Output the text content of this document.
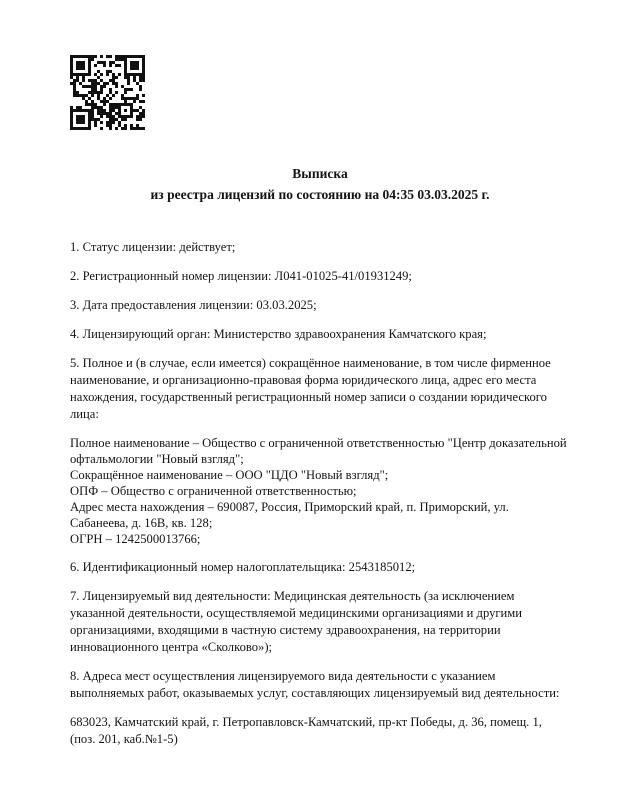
Выписка
из реестра лицензий по состоянию на 04:35 03.03.2025 г.

1. Статус лицензии: действует;

2. Регистрационный номер лицензии: Л041-01025-41/01931249;

3. Дата предоставления лицензии: 03.03.2025;

4. Лицензирующий орган: Министерство здравоохранения Камчатского края;

5. Полное и (в случае, если имеется) сокращённое наименование, в том числе фирменное наименование, и организационно-правовая форма юридического лица, адрес его места нахождения, государственный регистрационный номер записи о создании юридического лица:

Полное наименование – Общество с ограниченной ответственностью "Центр доказательной офтальмологии "Новый взгляд";
Сокращённое наименование – ООО "ЦДО "Новый взгляд";
ОПФ – Общество с ограниченной ответственностью;
Адрес места нахождения – 690087, Россия, Приморский край, п. Приморский, ул. Сабанеева, д. 16В, кв. 128;
ОГРН – 1242500013766;

6. Идентификационный номер налогоплательщика: 2543185012;

7. Лицензируемый вид деятельности: Медицинская деятельность (за исключением указанной деятельности, осуществляемой медицинскими организациями и другими организациями, входящими в частную систему здравоохранения, на территории инновационного центра «Сколково»);

8. Адреса мест осуществления лицензируемого вида деятельности с указанием выполняемых работ, оказываемых услуг, составляющих лицензируемый вид деятельности:

683023, Камчатский край, г. Петропавловск-Камчатский, пр-кт Победы, д. 36, помещ. 1, (поз. 201, каб.№1-5)
